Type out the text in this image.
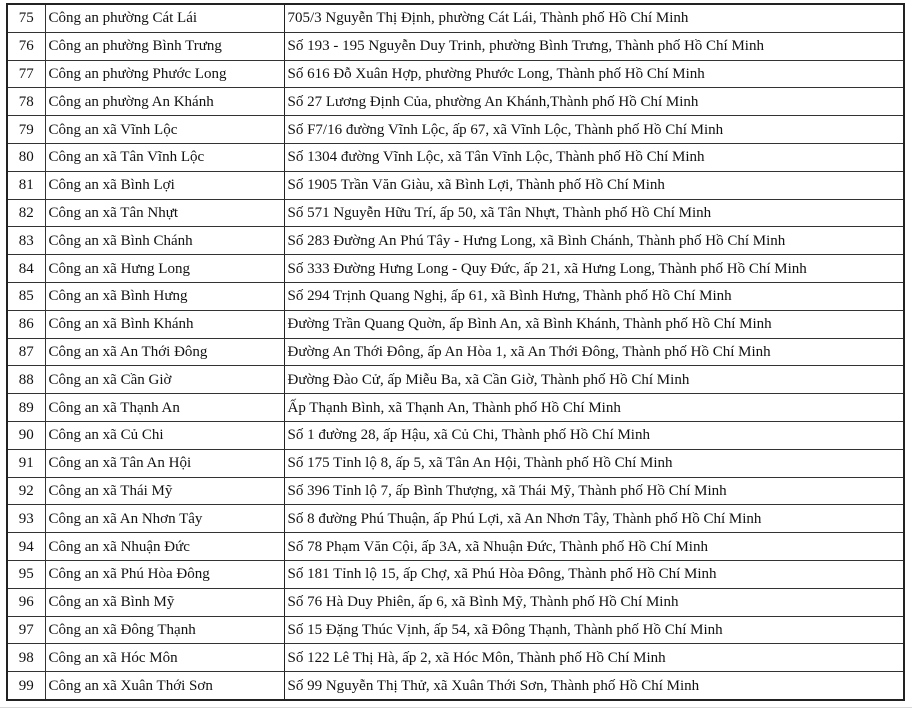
75	Công an phường Cát Lái	705/3 Nguyễn Thị Định, phường Cát Lái, Thành phố Hồ Chí Minh
76	Công an phường Bình Trưng	Số 193 - 195 Nguyễn Duy Trinh, phường Bình Trưng, Thành phố Hồ Chí Minh
77	Công an phường Phước Long	Số 616 Đỗ Xuân Hợp, phường Phước Long, Thành phố Hồ Chí Minh
78	Công an phường An Khánh	Số 27 Lương Định Của, phường An Khánh,Thành phố Hồ Chí Minh
79	Công an xã Vĩnh Lộc	Số F7/16 đường Vĩnh Lộc, ấp 67, xã Vĩnh Lộc, Thành phố Hồ Chí Minh
80	Công an xã Tân Vĩnh Lộc	Số 1304 đường Vĩnh Lộc, xã Tân Vĩnh Lộc, Thành phố Hồ Chí Minh
81	Công an xã Bình Lợi	Số 1905 Trần Văn Giàu, xã Bình Lợi, Thành phố Hồ Chí Minh
82	Công an xã Tân Nhựt	Số 571 Nguyễn Hữu Trí, ấp 50, xã Tân Nhựt, Thành phố Hồ Chí Minh
83	Công an xã Bình Chánh	Số 283 Đường An Phú Tây - Hưng Long, xã Bình Chánh, Thành phố Hồ Chí Minh
84	Công an xã Hưng Long	Số 333 Đường Hưng Long - Quy Đức, ấp 21, xã Hưng Long, Thành phố Hồ Chí Minh
85	Công an xã Bình Hưng	Số 294 Trịnh Quang Nghị, ấp 61, xã Bình Hưng, Thành phố Hồ Chí Minh
86	Công an xã Bình Khánh	Đường Trần Quang Quờn, ấp Bình An, xã Bình Khánh, Thành phố Hồ Chí Minh
87	Công an xã An Thới Đông	Đường An Thới Đông, ấp An Hòa 1, xã An Thới Đông, Thành phố Hồ Chí Minh
88	Công an xã Cần Giờ	Đường Đào Cử, ấp Miễu Ba, xã Cần Giờ, Thành phố Hồ Chí Minh
89	Công an xã Thạnh An	Ấp Thạnh Bình, xã Thạnh An, Thành phố Hồ Chí Minh
90	Công an xã Củ Chi	Số 1 đường 28, ấp Hậu, xã Củ Chi, Thành phố Hồ Chí Minh
91	Công an xã Tân An Hội	Số 175 Tỉnh lộ 8, ấp 5, xã Tân An Hội, Thành phố Hồ Chí Minh
92	Công an xã Thái Mỹ	Số 396 Tỉnh lộ 7, ấp Bình Thượng, xã Thái Mỹ, Thành phố Hồ Chí Minh
93	Công an xã An Nhơn Tây	Số 8 đường Phú Thuận, ấp Phú Lợi, xã An Nhơn Tây, Thành phố Hồ Chí Minh
94	Công an xã Nhuận Đức	Số 78 Phạm Văn Cội, ấp 3A, xã Nhuận Đức, Thành phố Hồ Chí Minh
95	Công an xã Phú Hòa Đông	Số 181 Tỉnh lộ 15, ấp Chợ, xã Phú Hòa Đông, Thành phố Hồ Chí Minh
96	Công an xã Bình Mỹ	Số 76 Hà Duy Phiên, ấp 6, xã Bình Mỹ, Thành phố Hồ Chí Minh
97	Công an xã Đông Thạnh	Số 15 Đặng Thúc Vịnh, ấp 54, xã Đông Thạnh, Thành phố Hồ Chí Minh
98	Công an xã Hóc Môn	Số 122 Lê Thị Hà, ấp 2, xã Hóc Môn, Thành phố Hồ Chí Minh
99	Công an xã Xuân Thới Sơn	Số 99 Nguyễn Thị Thử, xã Xuân Thới Sơn, Thành phố Hồ Chí Minh
